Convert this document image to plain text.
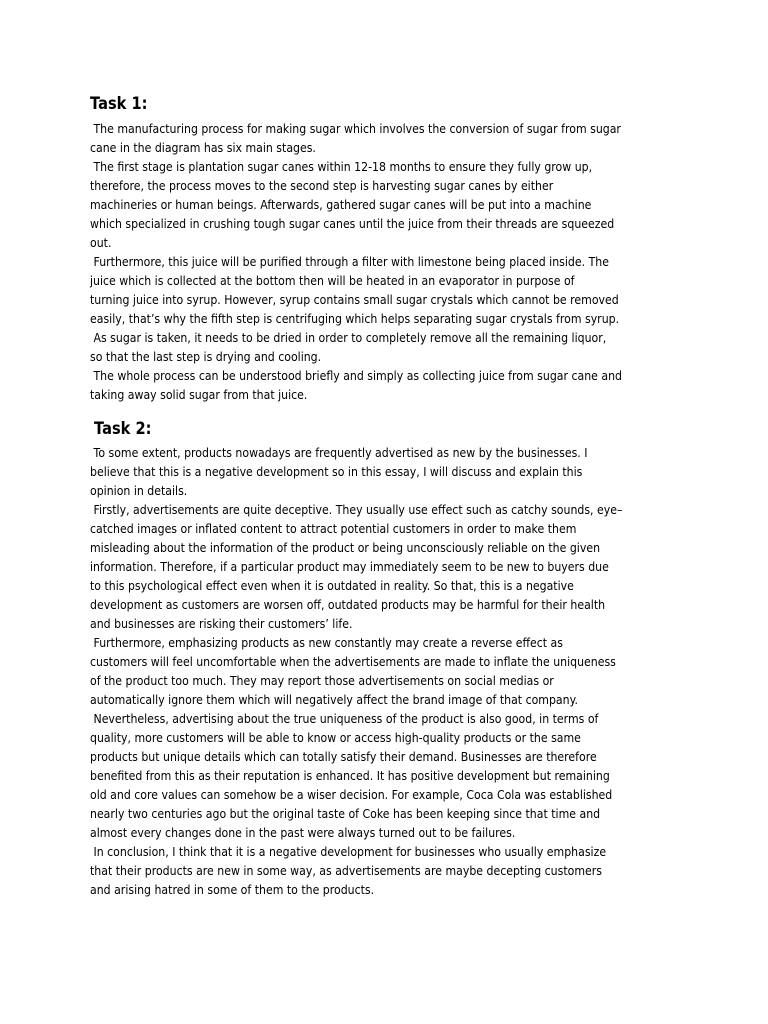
Task 1:

The manufacturing process for making sugar which involves the conversion of sugar from sugar
cane in the diagram has six main stages.

The first stage is plantation sugar canes within 12-18 months to ensure they fully grow up,
therefore, the process moves to the second step is harvesting sugar canes by either
machineries or human beings. Afterwards, gathered sugar canes will be put into a machine
which specialized in crushing tough sugar canes until the juice from their threads are squeezed
out.

Furthermore, this juice will be purified through a filter with limestone being placed inside. The
juice which is collected at the bottom then will be heated in an evaporator in purpose of
turning juice into syrup. However, syrup contains small sugar crystals which cannot be removed
easily, that’s why the fifth step is centrifuging which helps separating sugar crystals from syrup.

As sugar is taken, it needs to be dried in order to completely remove all the remaining liquor,
so that the last step is drying and cooling.

The whole process can be understood briefly and simply as collecting juice from sugar cane and
taking away solid sugar from that juice.

Task 2:

To some extent, products nowadays are frequently advertised as new by the businesses. I
believe that this is a negative development so in this essay, I will discuss and explain this
opinion in details.

Firstly, advertisements are quite deceptive. They usually use effect such as catchy sounds, eye–
catched images or inflated content to attract potential customers in order to make them
misleading about the information of the product or being unconsciously reliable on the given
information. Therefore, if a particular product may immediately seem to be new to buyers due
to this psychological effect even when it is outdated in reality. So that, this is a negative
development as customers are worsen off, outdated products may be harmful for their health
and businesses are risking their customers’ life.

Furthermore, emphasizing products as new constantly may create a reverse effect as
customers will feel uncomfortable when the advertisements are made to inflate the uniqueness
of the product too much. They may report those advertisements on social medias or
automatically ignore them which will negatively affect the brand image of that company.

Nevertheless, advertising about the true uniqueness of the product is also good, in terms of
quality, more customers will be able to know or access high-quality products or the same
products but unique details which can totally satisfy their demand. Businesses are therefore
benefited from this as their reputation is enhanced. It has positive development but remaining
old and core values can somehow be a wiser decision. For example, Coca Cola was established
nearly two centuries ago but the original taste of Coke has been keeping since that time and
almost every changes done in the past were always turned out to be failures.

In conclusion, I think that it is a negative development for businesses who usually emphasize
that their products are new in some way, as advertisements are maybe decepting customers
and arising hatred in some of them to the products.
